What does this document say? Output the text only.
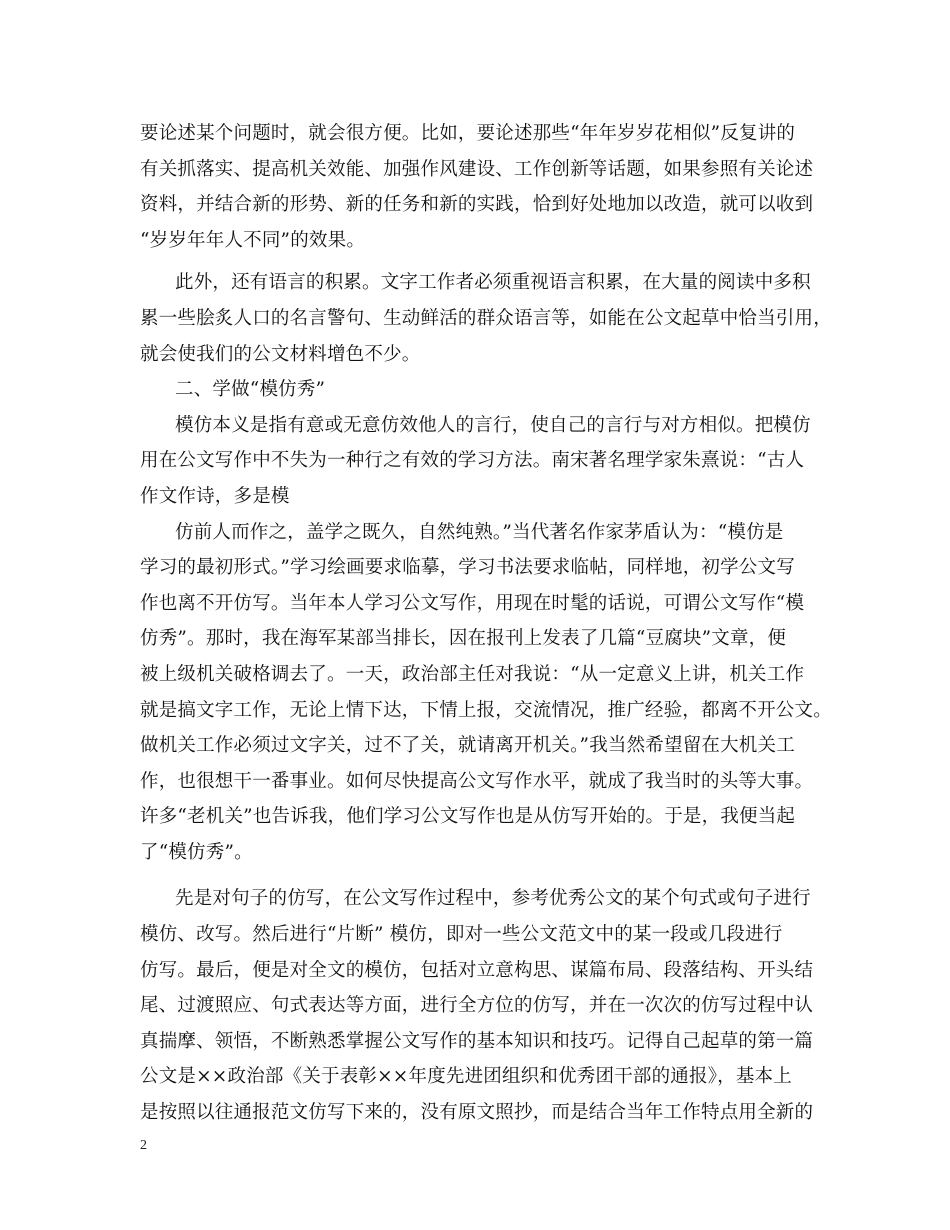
要论述某个问题时，就会很方便。比如，要论述那些“年年岁岁花相似”反复讲的
有关抓落实、提高机关效能、加强作风建设、工作创新等话题，如果参照有关论述
资料，并结合新的形势、新的任务和新的实践，恰到好处地加以改造，就可以收到
“岁岁年年人不同”的效果。
此外，还有语言的积累。文字工作者必须重视语言积累，在大量的阅读中多积
累一些脍炙人口的名言警句、生动鲜活的群众语言等，如能在公文起草中恰当引用，
就会使我们的公文材料增色不少。
二、学做“模仿秀”
模仿本义是指有意或无意仿效他人的言行，使自己的言行与对方相似。把模仿
用在公文写作中不失为一种行之有效的学习方法。南宋著名理学家朱熹说：“古人
作文作诗，多是模
仿前人而作之，盖学之既久，自然纯熟。”当代著名作家茅盾认为：“模仿是
学习的最初形式。”学习绘画要求临摹，学习书法要求临帖，同样地，初学公文写
作也离不开仿写。当年本人学习公文写作，用现在时髦的话说，可谓公文写作“模
仿秀”。那时，我在海军某部当排长，因在报刊上发表了几篇“豆腐块”文章，便
被上级机关破格调去了。一天，政治部主任对我说：“从一定意义上讲，机关工作
就是搞文字工作，无论上情下达，下情上报，交流情况，推广经验，都离不开公文。
做机关工作必须过文字关，过不了关，就请离开机关。”我当然希望留在大机关工
作，也很想干一番事业。如何尽快提高公文写作水平，就成了我当时的头等大事。
许多“老机关”也告诉我，他们学习公文写作也是从仿写开始的。于是，我便当起
了“模仿秀”。
先是对句子的仿写，在公文写作过程中，参考优秀公文的某个句式或句子进行
模仿、改写。然后进行“片断” 模仿，即对一些公文范文中的某一段或几段进行
仿写。最后，便是对全文的模仿，包括对立意构思、谋篇布局、段落结构、开头结
尾、过渡照应、句式表达等方面，进行全方位的仿写，并在一次次的仿写过程中认
真揣摩、领悟，不断熟悉掌握公文写作的基本知识和技巧。记得自己起草的第一篇
公文是××政治部《关于表彰××年度先进团组织和优秀团干部的通报》，基本上
是按照以往通报范文仿写下来的，没有原文照抄，而是结合当年工作特点用全新的
2
